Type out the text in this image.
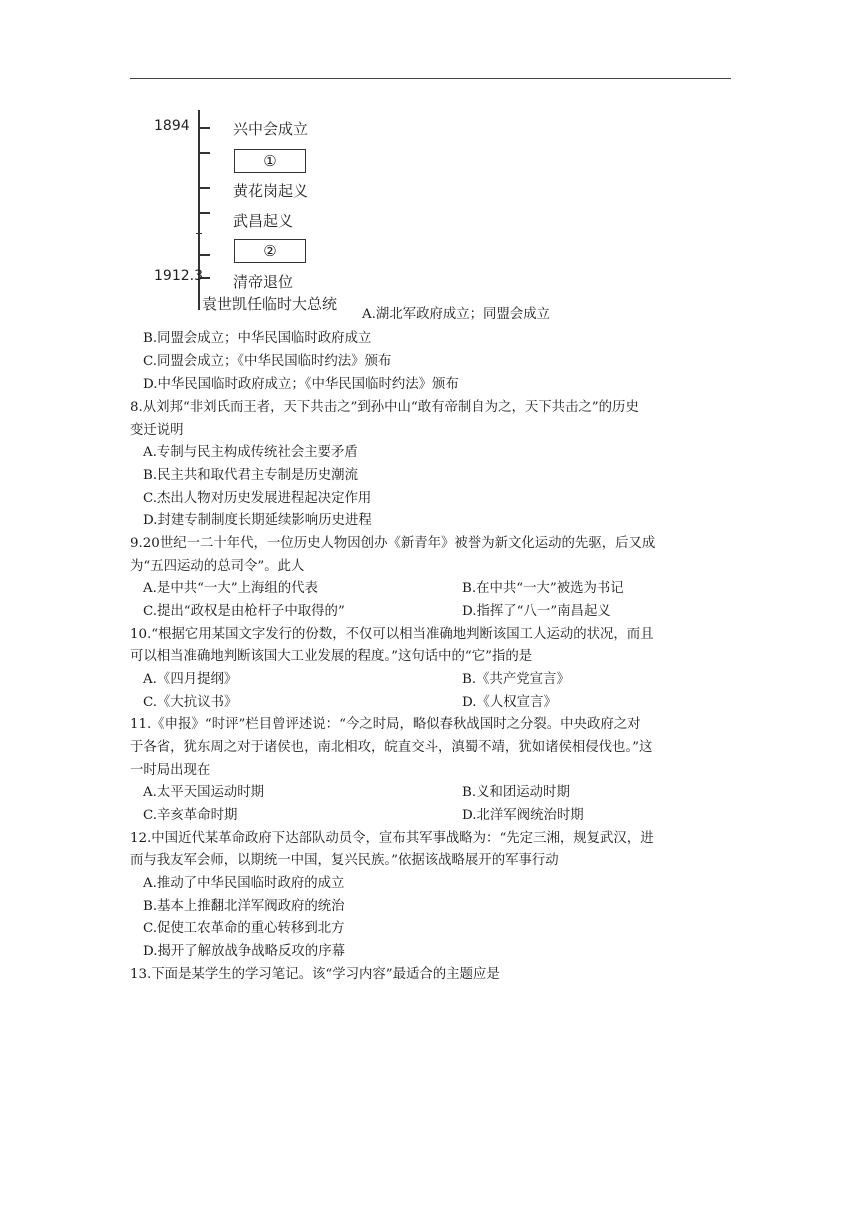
1894
1912.3
兴中会成立
①
黄花岗起义
武昌起义
②
清帝退位
袁世凯任临时大总统
A.湖北军政府成立；同盟会成立
B.同盟会成立；中华民国临时政府成立
C.同盟会成立；《中华民国临时约法》颁布
D.中华民国临时政府成立；《中华民国临时约法》颁布
8.从刘邦“非刘氏而王者，天下共击之”到孙中山“敢有帝制自为之，天下共击之”的历史
变迁说明
A.专制与民主构成传统社会主要矛盾
B.民主共和取代君主专制是历史潮流
C.杰出人物对历史发展进程起决定作用
D.封建专制制度长期延续影响历史进程
9.20世纪一二十年代，一位历史人物因创办《新青年》被誉为新文化运动的先驱，后又成
为“五四运动的总司令”。此人
A.是中共“一大”上海组的代表	B.在中共“一大”被选为书记
C.提出“政权是由枪杆子中取得的”	D.指挥了“八一”南昌起义
10.“根据它用某国文字发行的份数，不仅可以相当准确地判断该国工人运动的状况，而且
可以相当准确地判断该国大工业发展的程度。”这句话中的“它”指的是
A.《四月提纲》	B.《共产党宣言》
C.《大抗议书》	D.《人权宣言》
11.《申报》“时评”栏目曾评述说：“今之时局，略似春秋战国时之分裂。中央政府之对
于各省，犹东周之对于诸侯也，南北相攻，皖直交斗，滇蜀不靖，犹如诸侯相侵伐也。”这
一时局出现在
A.太平天国运动时期	B.义和团运动时期
C.辛亥革命时期	D.北洋军阀统治时期
12.中国近代某革命政府下达部队动员令，宣布其军事战略为：“先定三湘，规复武汉，进
而与我友军会师，以期统一中国，复兴民族。”依据该战略展开的军事行动
A.推动了中华民国临时政府的成立
B.基本上推翻北洋军阀政府的统治
C.促使工农革命的重心转移到北方
D.揭开了解放战争战略反攻的序幕
13.下面是某学生的学习笔记。该“学习内容”最适合的主题应是
